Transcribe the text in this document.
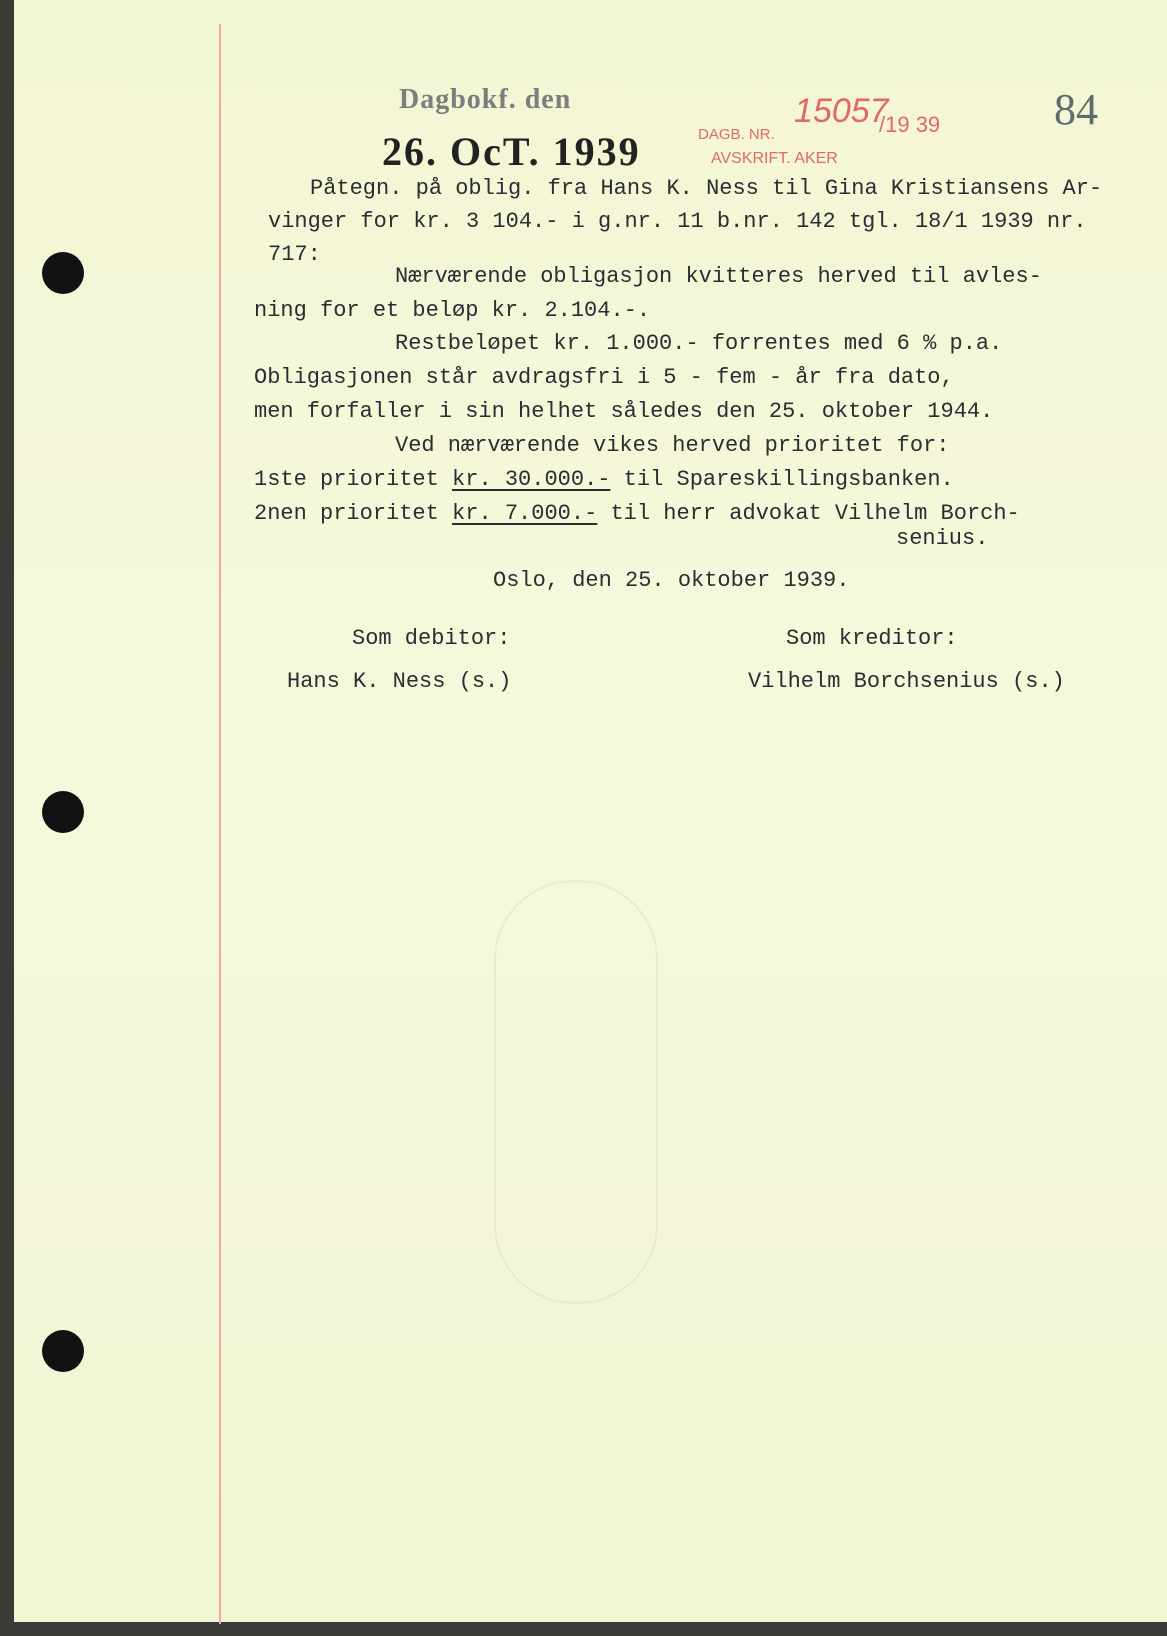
Dagbokf. den
26. OcT. 1939	DAGB. NR.
15057
/19 39
AVSKRIFT. AKER
84
Påtegn. på oblig. fra Hans K. Ness til Gina Kristiansens Ar-
vinger for kr. 3 104.- i g.nr. 11 b.nr. 142 tgl. 18/1 1939 nr.
717:
Nærværende obligasjon kvitteres herved til avles-
ning for et beløp kr. 2.104.-.
Restbeløpet kr. 1.000.- forrentes med 6 % p.a.
Obligasjonen står avdragsfri i 5 - fem - år fra dato,
men forfaller i sin helhet således den 25. oktober 1944.
Ved nærværende vikes herved prioritet for:
1ste prioritet kr. 30.000.- til Spareskillingsbanken.
2nen prioritet kr. 7.000.- til herr advokat Vilhelm Borch-
senius.
Oslo, den 25. oktober 1939.
Som debitor:	Som kreditor:
Hans K. Ness (s.)	Vilhelm Borchsenius (s.)
